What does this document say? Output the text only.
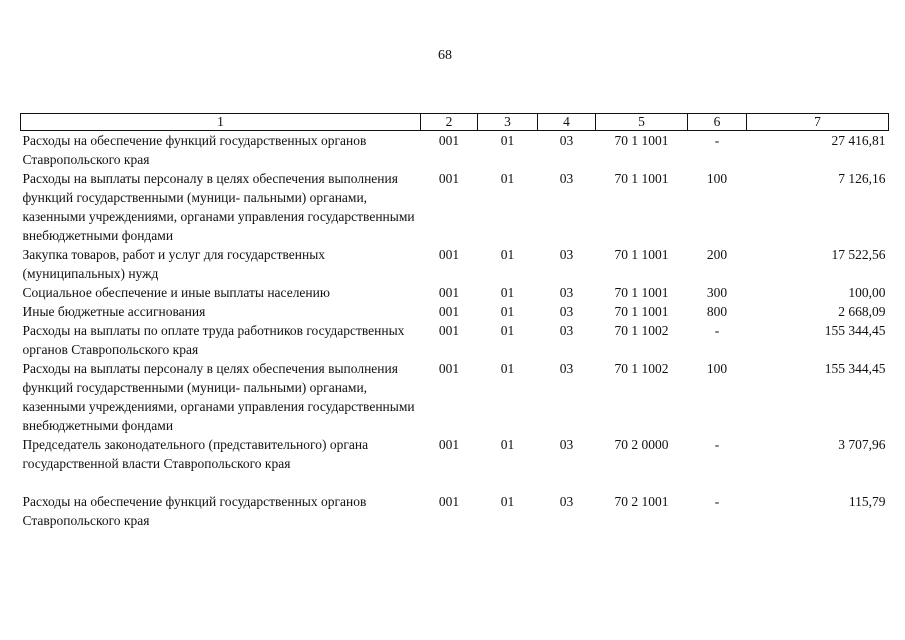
68
1	2	3	4	5	6	7
Расходы на обеспечение функций государственных органов Ставропольского края	001	01	03	70 1 1001	-	27 416,81
Расходы на выплаты персоналу в целях обеспечения выполнения функций государственными (муници- пальными) органами, казенными учреждениями, органами управления государственными внебюджетными фондами	001	01	03	70 1 1001	100	7 126,16
Закупка товаров, работ и услуг для государственных (муниципальных) нужд	001	01	03	70 1 1001	200	17 522,56
Социальное обеспечение и иные выплаты населению	001	01	03	70 1 1001	300	100,00
Иные бюджетные ассигнования	001	01	03	70 1 1001	800	2 668,09
Расходы на выплаты по оплате труда работников государственных органов Ставропольского края	001	01	03	70 1 1002	-	155 344,45
Расходы на выплаты персоналу в целях обеспечения выполнения функций государственными (муници- пальными) органами, казенными учреждениями, органами управления государственными внебюджетными фондами	001	01	03	70 1 1002	100	155 344,45
Председатель законодательного (представительного) органа государственной власти Ставропольского края	001	01	03	70 2 0000	-	3 707,96

Расходы на обеспечение функций государственных органов Ставропольского края	001	01	03	70 2 1001	-	115,79
